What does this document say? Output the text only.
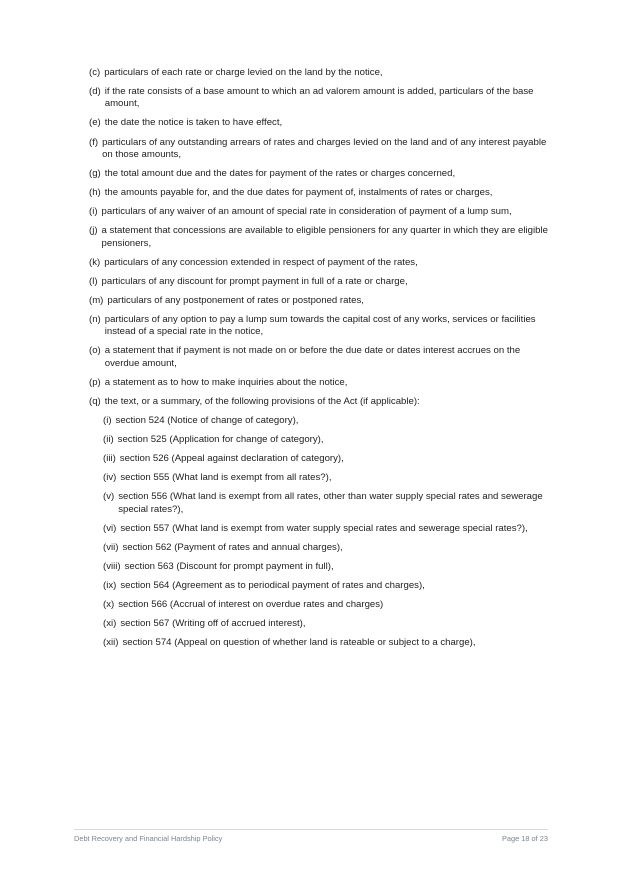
(c) particulars of each rate or charge levied on the land by the notice,
(d) if the rate consists of a base amount to which an ad valorem amount is added, particulars of the base amount,
(e) the date the notice is taken to have effect,
(f) particulars of any outstanding arrears of rates and charges levied on the land and of any interest payable on those amounts,
(g) the total amount due and the dates for payment of the rates or charges concerned,
(h) the amounts payable for, and the due dates for payment of, instalments of rates or charges,
(i) particulars of any waiver of an amount of special rate in consideration of payment of a lump sum,
(j) a statement that concessions are available to eligible pensioners for any quarter in which they are eligible pensioners,
(k) particulars of any concession extended in respect of payment of the rates,
(l) particulars of any discount for prompt payment in full of a rate or charge,
(m) particulars of any postponement of rates or postponed rates,
(n) particulars of any option to pay a lump sum towards the capital cost of any works, services or facilities instead of a special rate in the notice,
(o) a statement that if payment is not made on or before the due date or dates interest accrues on the overdue amount,
(p) a statement as to how to make inquiries about the notice,
(q) the text, or a summary, of the following provisions of the Act (if applicable):
(i) section 524 (Notice of change of category),
(ii) section 525 (Application for change of category),
(iii) section 526 (Appeal against declaration of category),
(iv) section 555 (What land is exempt from all rates?),
(v) section 556 (What land is exempt from all rates, other than water supply special rates and sewerage special rates?),
(vi) section 557 (What land is exempt from water supply special rates and sewerage special rates?),
(vii) section 562 (Payment of rates and annual charges),
(viii) section 563 (Discount for prompt payment in full),
(ix) section 564 (Agreement as to periodical payment of rates and charges),
(x) section 566 (Accrual of interest on overdue rates and charges)
(xi) section 567 (Writing off of accrued interest),
(xii) section 574 (Appeal on question of whether land is rateable or subject to a charge),
Debt Recovery and Financial Hardship Policy	Page 18 of 23
